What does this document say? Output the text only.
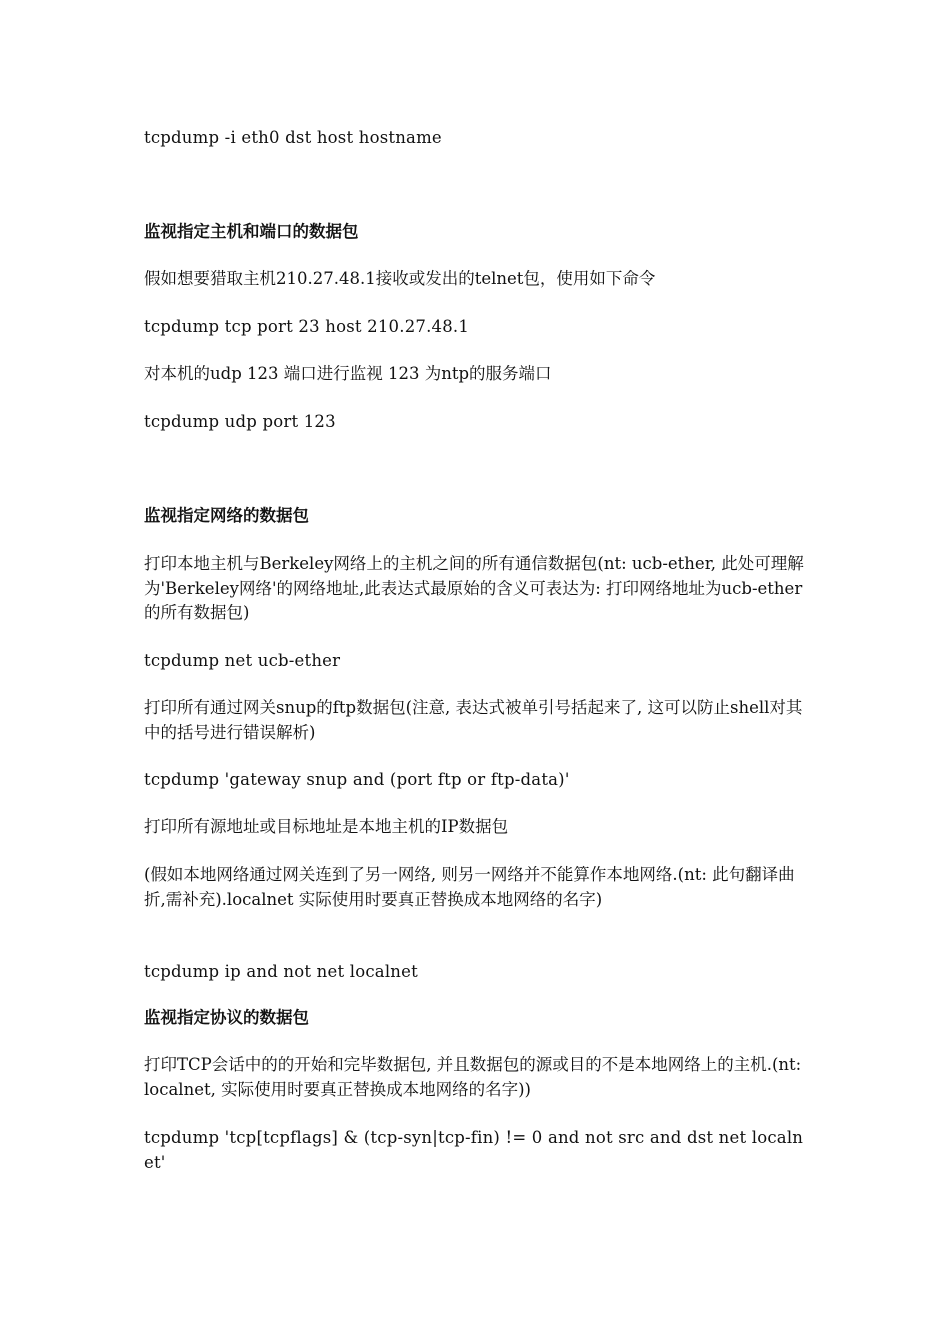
tcpdump -i eth0 dst host hostname

监视指定主机和端口的数据包

假如想要猎取主机210.27.48.1接收或发出的telnet包，使用如下命令

tcpdump tcp port 23 host 210.27.48.1

对本机的udp 123 端口进行监视 123 为ntp的服务端口

tcpdump udp port 123

监视指定网络的数据包

打印本地主机与Berkeley网络上的主机之间的所有通信数据包(nt: ucb-ether, 此处可理解为'Berkeley网络'的网络地址,此表达式最原始的含义可表达为: 打印网络地址为ucb-ether的所有数据包)

tcpdump net ucb-ether

打印所有通过网关snup的ftp数据包(注意, 表达式被单引号括起来了, 这可以防止shell对其中的括号进行错误解析)

tcpdump 'gateway snup and (port ftp or ftp-data)'

打印所有源地址或目标地址是本地主机的IP数据包

(假如本地网络通过网关连到了另一网络, 则另一网络并不能算作本地网络.(nt: 此句翻译曲折,需补充).localnet 实际使用时要真正替换成本地网络的名字)

tcpdump ip and not net localnet

监视指定协议的数据包

打印TCP会话中的的开始和完毕数据包, 并且数据包的源或目的不是本地网络上的主机.(nt: localnet, 实际使用时要真正替换成本地网络的名字))

tcpdump 'tcp[tcpflags] & (tcp-syn|tcp-fin) != 0 and not src and dst net localnet'
